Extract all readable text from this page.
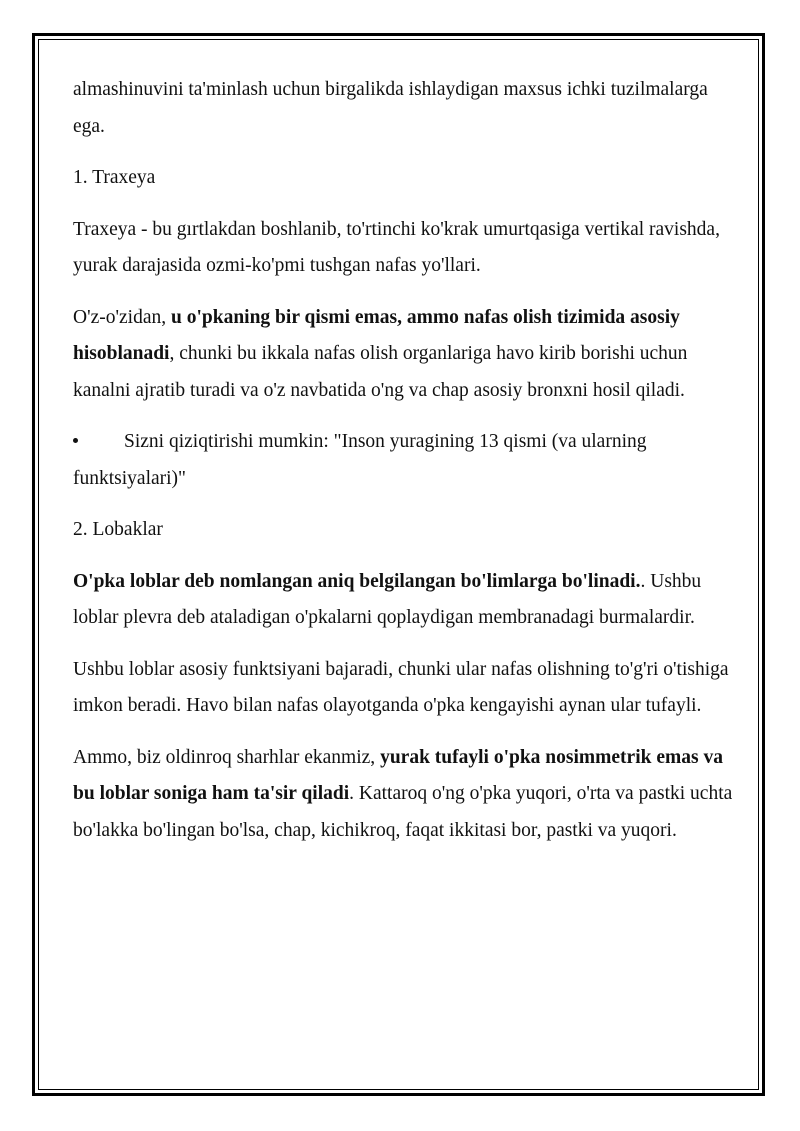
almashinuvini ta'minlash uchun birgalikda ishlaydigan maxsus ichki tuzilmalarga ega.

1. Traxeya

Traxeya - bu gırtlakdan boshlanib, to'rtinchi ko'krak umurtqasiga vertikal ravishda, yurak darajasida ozmi-ko'pmi tushgan nafas yo'llari.

O'z-o'zidan, u o'pkaning bir qismi emas, ammo nafas olish tizimida asosiy hisoblanadi, chunki bu ikkala nafas olish organlariga havo kirib borishi uchun kanalni ajratib turadi va o'z navbatida o'ng va chap asosiy bronxni hosil qiladi.

Sizni qiziqtirishi mumkin: "Inson yuragining 13 qismi (va ularning funktsiyalari)"

2. Lobaklar

O'pka loblar deb nomlangan aniq belgilangan bo'limlarga bo'linadi.. Ushbu loblar plevra deb ataladigan o'pkalarni qoplaydigan membranadagi burmalardir.

Ushbu loblar asosiy funktsiyani bajaradi, chunki ular nafas olishning to'g'ri o'tishiga imkon beradi. Havo bilan nafas olayotganda o'pka kengayishi aynan ular tufayli.

Ammo, biz oldinroq sharhlar ekanmiz, yurak tufayli o'pka nosimmetrik emas va bu loblar soniga ham ta'sir qiladi. Kattaroq o'ng o'pka yuqori, o'rta va pastki uchta bo'lakka bo'lingan bo'lsa, chap, kichikroq, faqat ikkitasi bor, pastki va yuqori.
